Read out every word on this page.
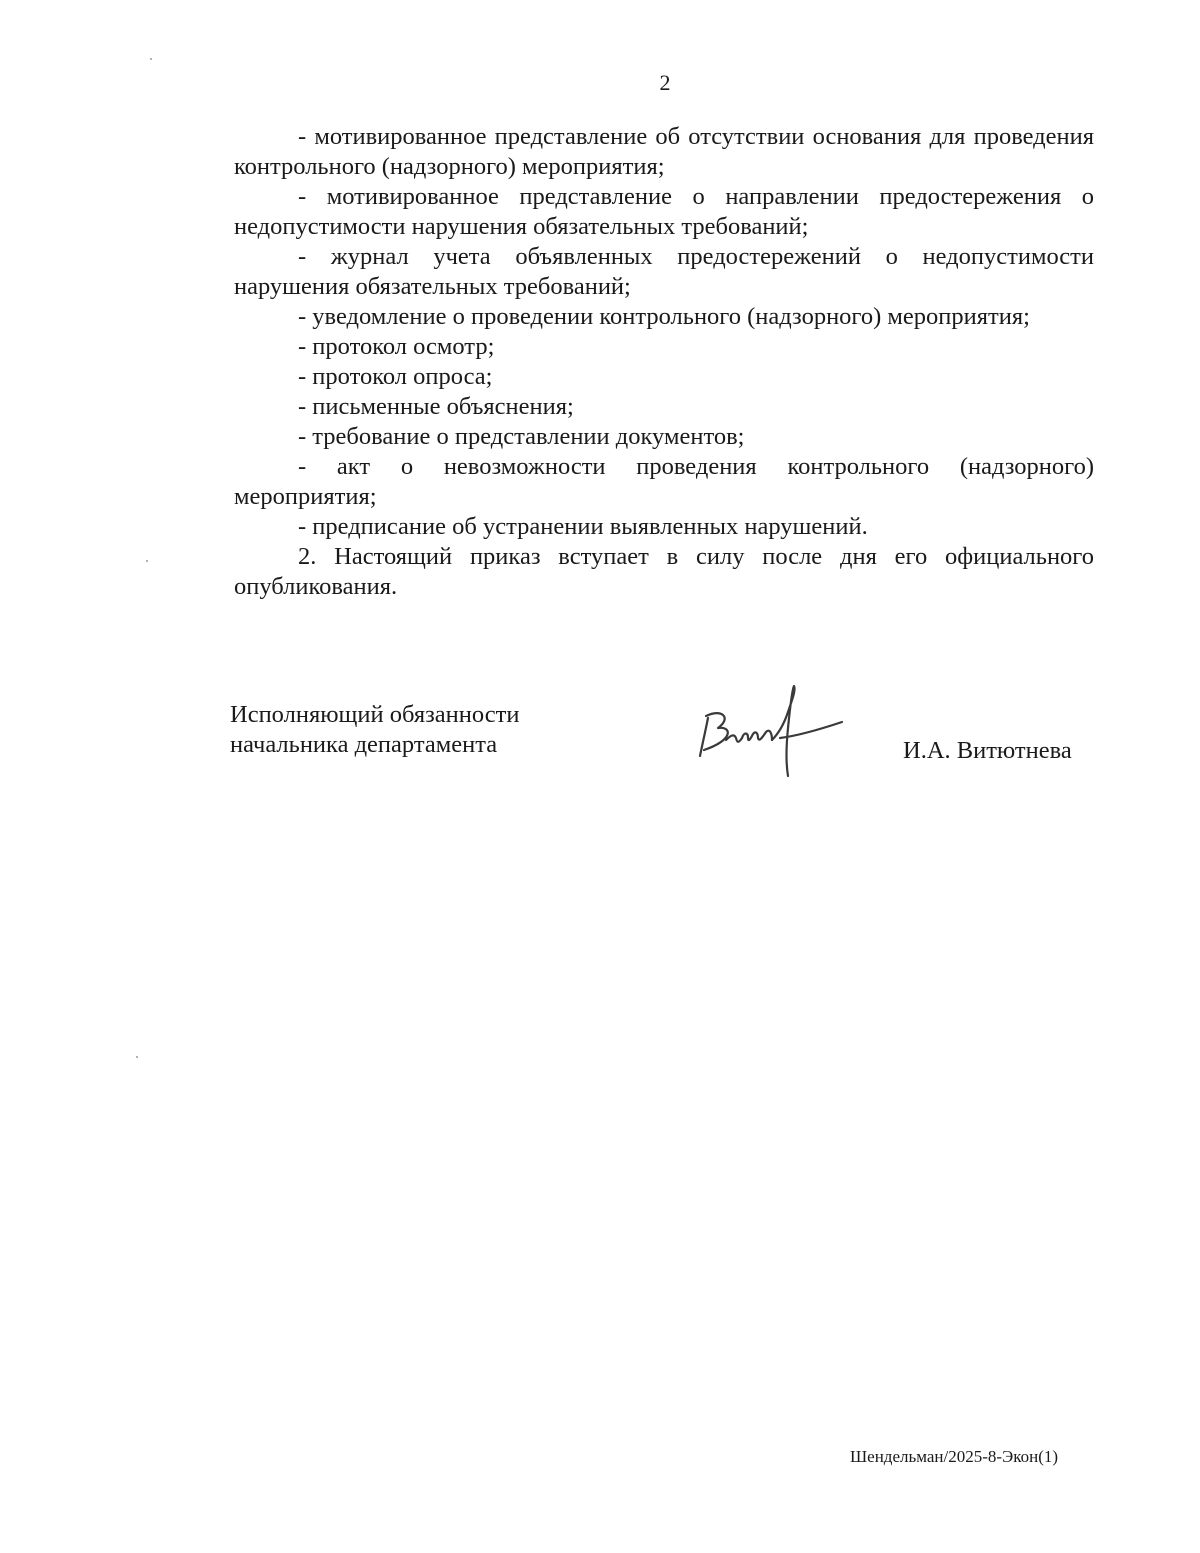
2

- мотивированное представление об отсутствии основания для проведения контрольного (надзорного) мероприятия;

- мотивированное представление о направлении предостережения о недопустимости нарушения обязательных требований;

- журнал учета объявленных предостережений о недопустимости нарушения обязательных требований;

- уведомление о проведении контрольного (надзорного) мероприятия;

- протокол осмотр;

- протокол опроса;

- письменные объяснения;

- требование о представлении документов;

- акт о невозможности проведения контрольного (надзорного) мероприятия;

- предписание об устранении выявленных нарушений.

2. Настоящий приказ вступает в силу после дня его официального опубликования.

Исполняющий обязанности
начальника департамента	И.А. Витютнева
Шендельман/2025-8-Экон(1)
